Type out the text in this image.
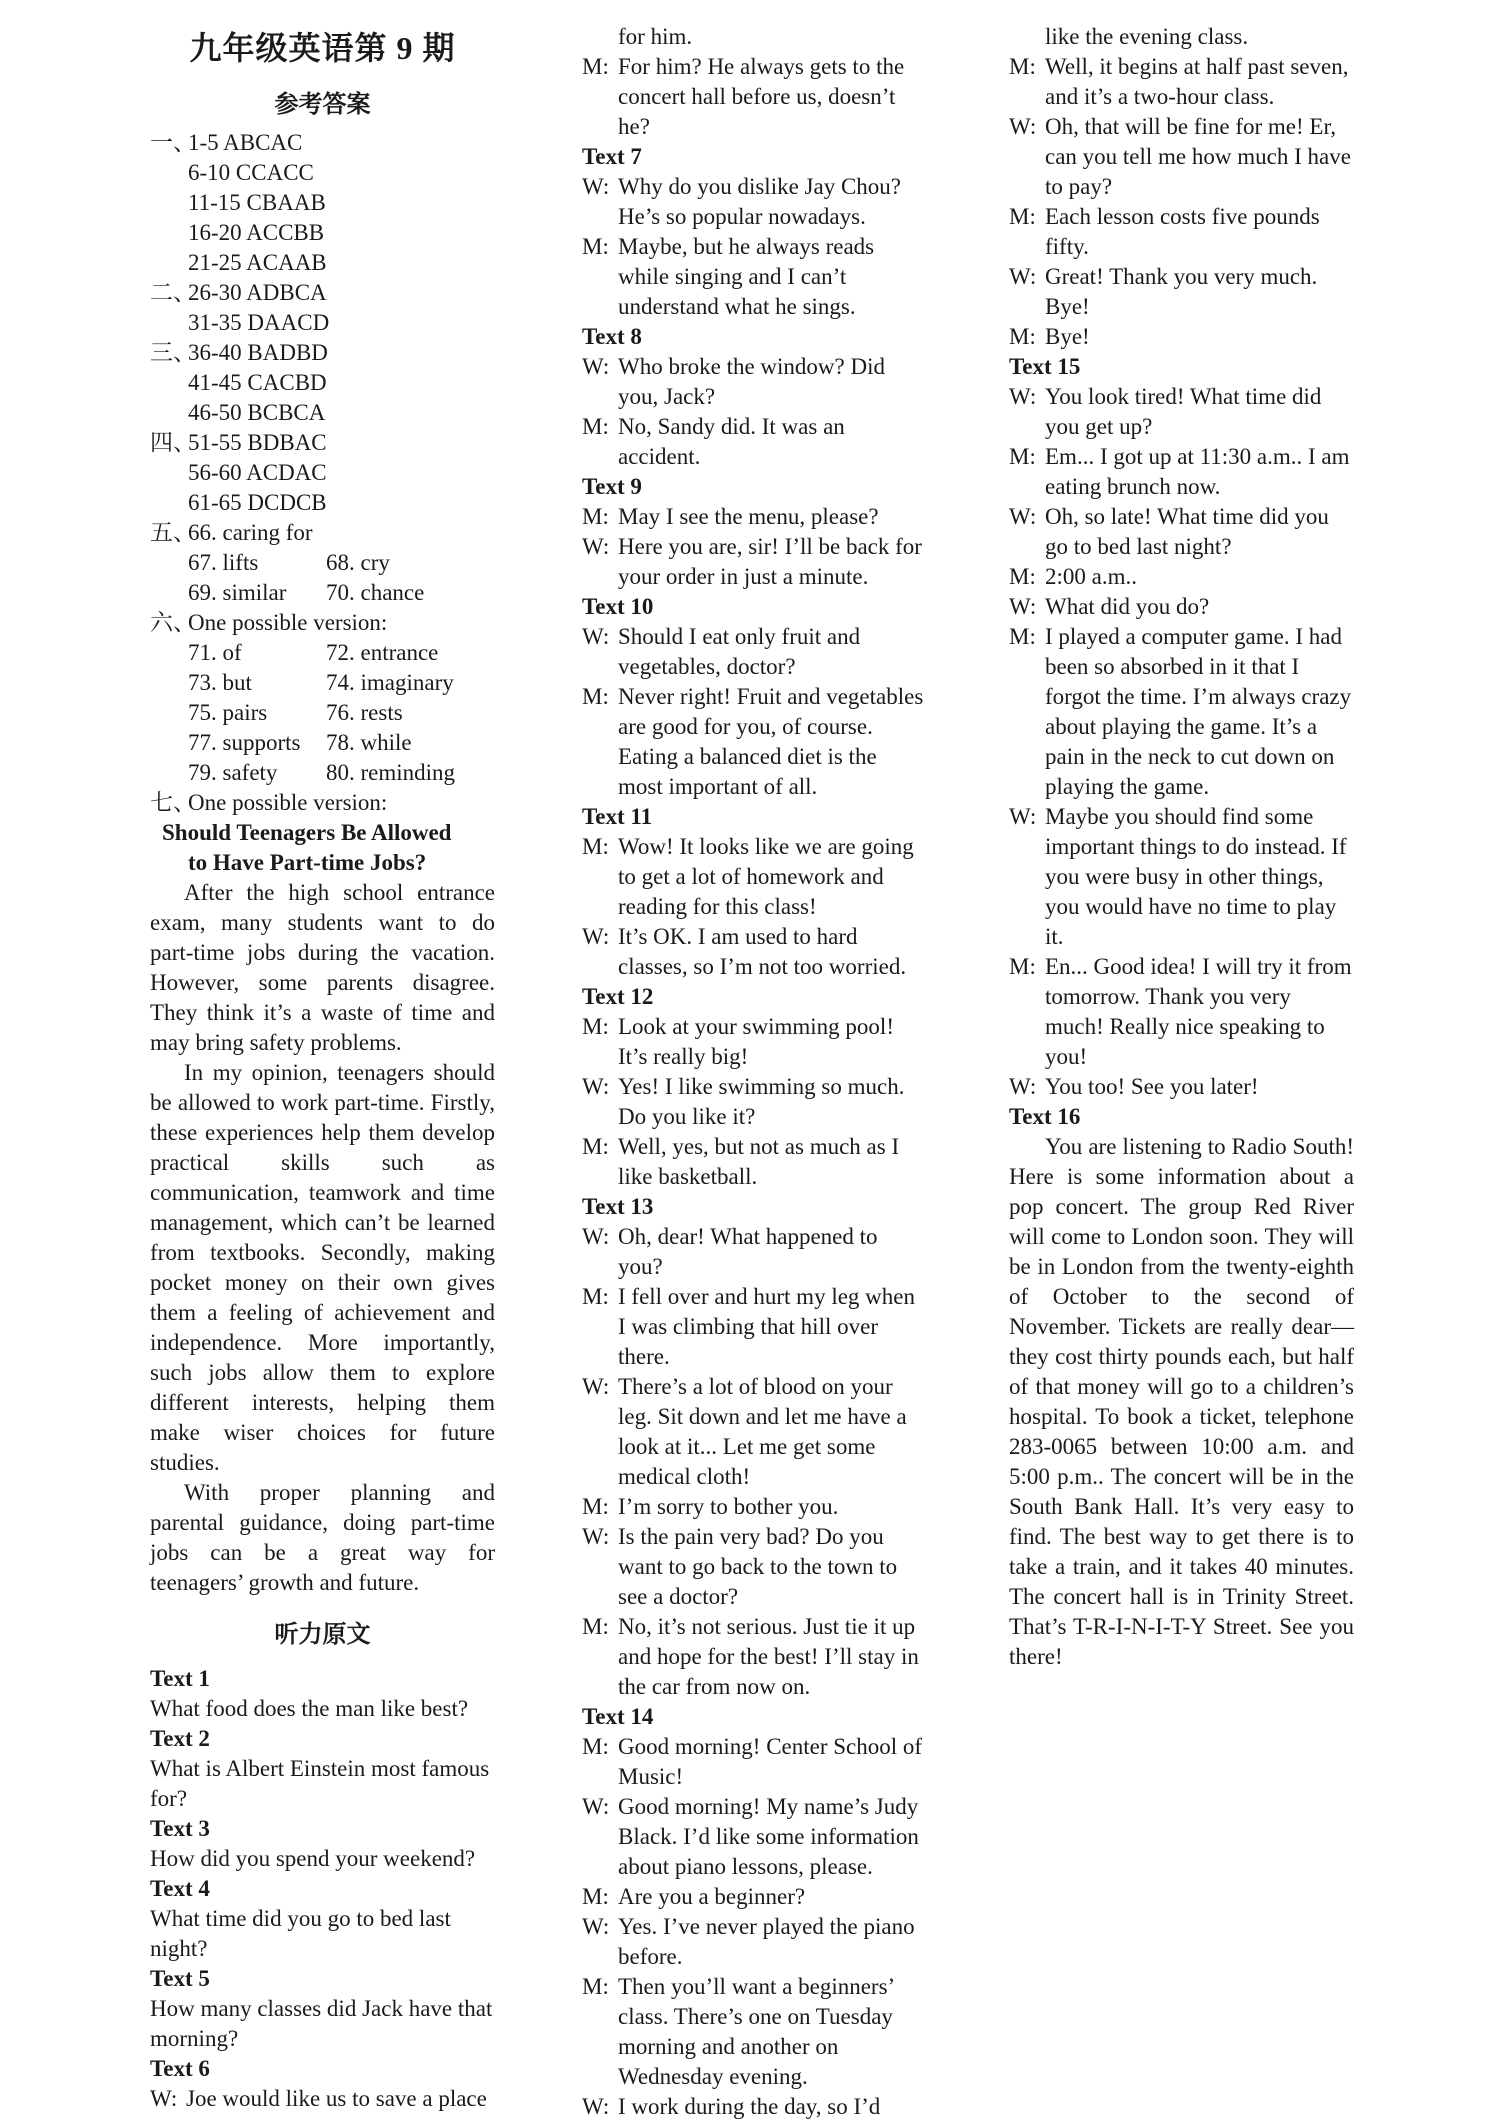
九年级英语第 9 期
参考答案
一、1-5 ABCAC
6-10 CCACC
11-15 CBAAB
16-20 ACCBB
21-25 ACAAB
二、26-30 ADBCA
31-35 DAACD
三、36-40 BADBD
41-45 CACBD
46-50 BCBCA
四、51-55 BDBAC
56-60 ACDAC
61-65 DCDCB
五、66. caring for
67. lifts	68. cry
69. similar 70. chance
六、One possible version:
71. of	72. entrance
73. but	74. imaginary
75. pairs	76. rests
77. supports 78. while
79. safety 80. reminding
七、One possible version:
Should Teenagers Be Allowed
to Have Part-time Jobs?
After the high school entrance exam, many students want to do part-time jobs during the vacation. However, some parents disagree. They think it’s a waste of time and may bring safety problems.
In my opinion, teenagers should be allowed to work part-time. Firstly, these experiences help them develop practical skills such as communication, teamwork and time management, which can’t be learned from textbooks. Secondly, making pocket money on their own gives them a feeling of achievement and independence. More importantly, such jobs allow them to explore different interests, helping them make wiser choices for future studies.
With proper planning and parental guidance, doing part-time jobs can be a great way for teenagers’ growth and future.
听力原文
Text 1
What food does the man like best?
Text 2
What is Albert Einstein most famous for?
Text 3
How did you spend your weekend?
Text 4
What time did you go to bed last night?
Text 5
How many classes did Jack have that morning?
Text 6
W: Joe would like us to save a place
for him.
M: For him? He always gets to the concert hall before us, doesn’t he?
Text 7
W: Why do you dislike Jay Chou? He’s so popular nowadays.
M: Maybe, but he always reads while singing and I can’t understand what he sings.
Text 8
W: Who broke the window? Did you, Jack?
M: No, Sandy did. It was an accident.
Text 9
M: May I see the menu, please?
W: Here you are, sir! I’ll be back for your order in just a minute.
Text 10
W: Should I eat only fruit and vegetables, doctor?
M: Never right! Fruit and vegetables are good for you, of course. Eating a balanced diet is the most important of all.
Text 11
M: Wow! It looks like we are going to get a lot of homework and reading for this class!
W: It’s OK. I am used to hard classes, so I’m not too worried.
Text 12
M: Look at your swimming pool! It’s really big!
W: Yes! I like swimming so much. Do you like it?
M: Well, yes, but not as much as I like basketball.
Text 13
W: Oh, dear! What happened to you?
M: I fell over and hurt my leg when I was climbing that hill over there.
W: There’s a lot of blood on your leg. Sit down and let me have a look at it... Let me get some medical cloth!
M: I’m sorry to bother you.
W: Is the pain very bad? Do you want to go back to the town to see a doctor?
M: No, it’s not serious. Just tie it up and hope for the best! I’ll stay in the car from now on.
Text 14
M: Good morning! Center School of Music!
W: Good morning! My name’s Judy Black. I’d like some information about piano lessons, please.
M: Are you a beginner?
W: Yes. I’ve never played the piano before.
M: Then you’ll want a beginners’ class. There’s one on Tuesday morning and another on Wednesday evening.
W: I work during the day, so I’d
like the evening class.
M: Well, it begins at half past seven, and it’s a two-hour class.
W: Oh, that will be fine for me! Er, can you tell me how much I have to pay?
M: Each lesson costs five pounds fifty.
W: Great! Thank you very much. Bye!
M: Bye!
Text 15
W: You look tired! What time did you get up?
M: Em... I got up at 11:30 a.m.. I am eating brunch now.
W: Oh, so late! What time did you go to bed last night?
M: 2:00 a.m..
W: What did you do?
M: I played a computer game. I had been so absorbed in it that I forgot the time. I’m always crazy about playing the game. It’s a pain in the neck to cut down on playing the game.
W: Maybe you should find some important things to do instead. If you were busy in other things, you would have no time to play it.
M: En... Good idea! I will try it from tomorrow. Thank you very much! Really nice speaking to you!
W: You too! See you later!
Text 16
You are listening to Radio South! Here is some information about a pop concert. The group Red River will come to London soon. They will be in London from the twenty-eighth of October to the second of November. Tickets are really dear—they cost thirty pounds each, but half of that money will go to a children’s hospital. To book a ticket, telephone 283-0065 between 10:00 a.m. and 5:00 p.m.. The concert will be in the South Bank Hall. It’s very easy to find. The best way to get there is to take a train, and it takes 40 minutes. The concert hall is in Trinity Street. That’s T-R-I-N-I-T-Y Street. See you there!
